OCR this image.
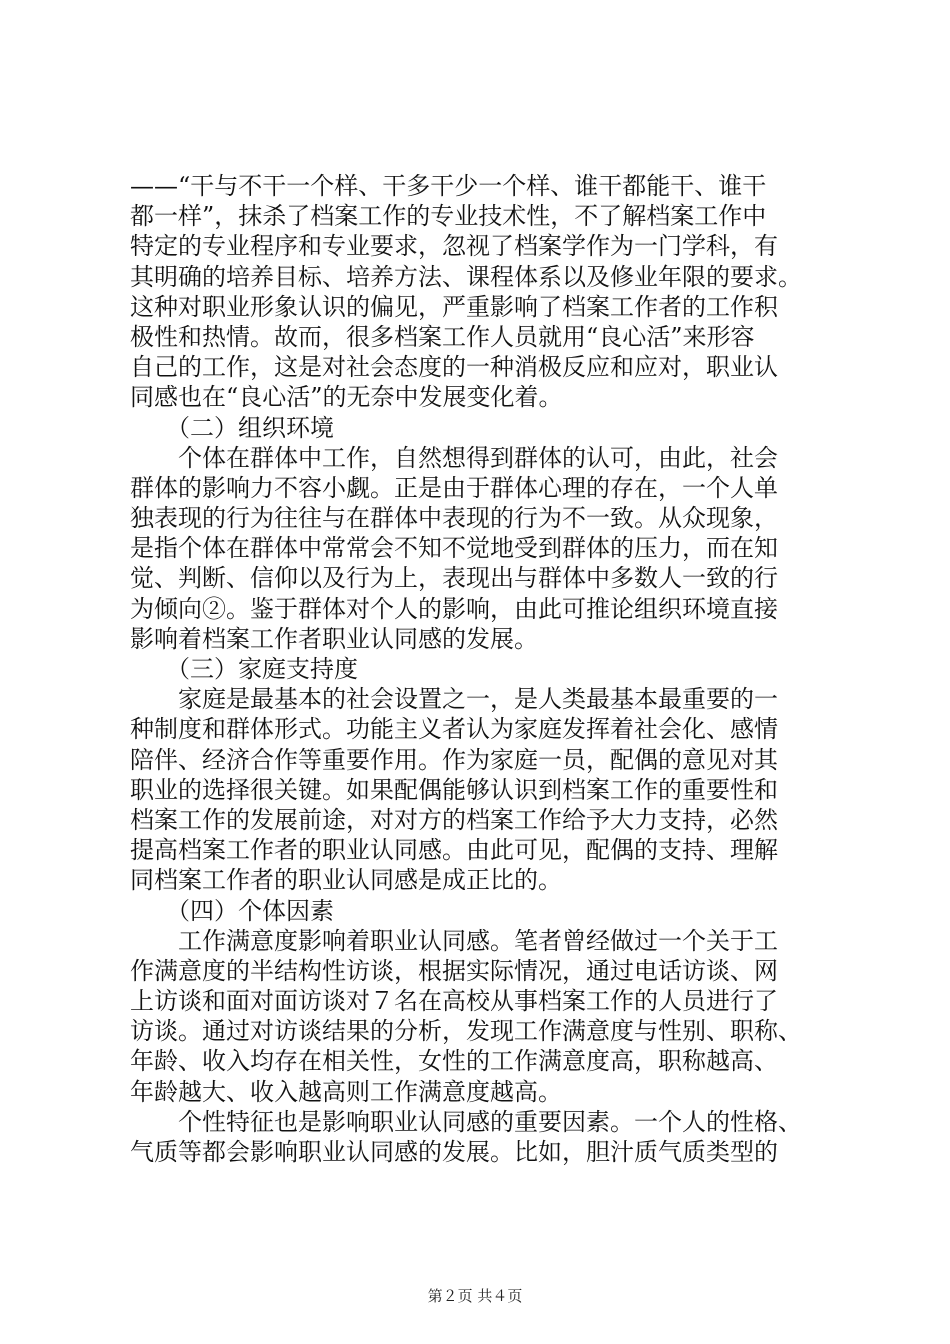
——“干与不干一个样、干多干少一个样、谁干都能干、谁干
都一样”，抹杀了档案工作的专业技术性，不了解档案工作中
特定的专业程序和专业要求，忽视了档案学作为一门学科，有
其明确的培养目标、培养方法、课程体系以及修业年限的要求。
这种对职业形象认识的偏见，严重影响了档案工作者的工作积
极性和热情。故而，很多档案工作人员就用“良心活”来形容
自己的工作，这是对社会态度的一种消极反应和应对，职业认
同感也在“良心活”的无奈中发展变化着。
（二）组织环境
　　个体在群体中工作，自然想得到群体的认可，由此，社会
群体的影响力不容小觑。正是由于群体心理的存在，一个人单
独表现的行为往往与在群体中表现的行为不一致。从众现象，
是指个体在群体中常常会不知不觉地受到群体的压力，而在知
觉、判断、信仰以及行为上，表现出与群体中多数人一致的行
为倾向②。鉴于群体对个人的影响，由此可推论组织环境直接
影响着档案工作者职业认同感的发展。
（三）家庭支持度
　　家庭是最基本的社会设置之一，是人类最基本最重要的一
种制度和群体形式。功能主义者认为家庭发挥着社会化、感情
陪伴、经济合作等重要作用。作为家庭一员，配偶的意见对其
职业的选择很关键。如果配偶能够认识到档案工作的重要性和
档案工作的发展前途，对对方的档案工作给予大力支持，必然
提高档案工作者的职业认同感。由此可见，配偶的支持、理解
同档案工作者的职业认同感是成正比的。
（四）个体因素
　　工作满意度影响着职业认同感。笔者曾经做过一个关于工
作满意度的半结构性访谈，根据实际情况，通过电话访谈、网
上访谈和面对面访谈对７名在高校从事档案工作的人员进行了
访谈。通过对访谈结果的分析，发现工作满意度与性别、职称、
年龄、收入均存在相关性，女性的工作满意度高，职称越高、
年龄越大、收入越高则工作满意度越高。
　　个性特征也是影响职业认同感的重要因素。一个人的性格、
气质等都会影响职业认同感的发展。比如，胆汁质气质类型的
第２页 共４页
